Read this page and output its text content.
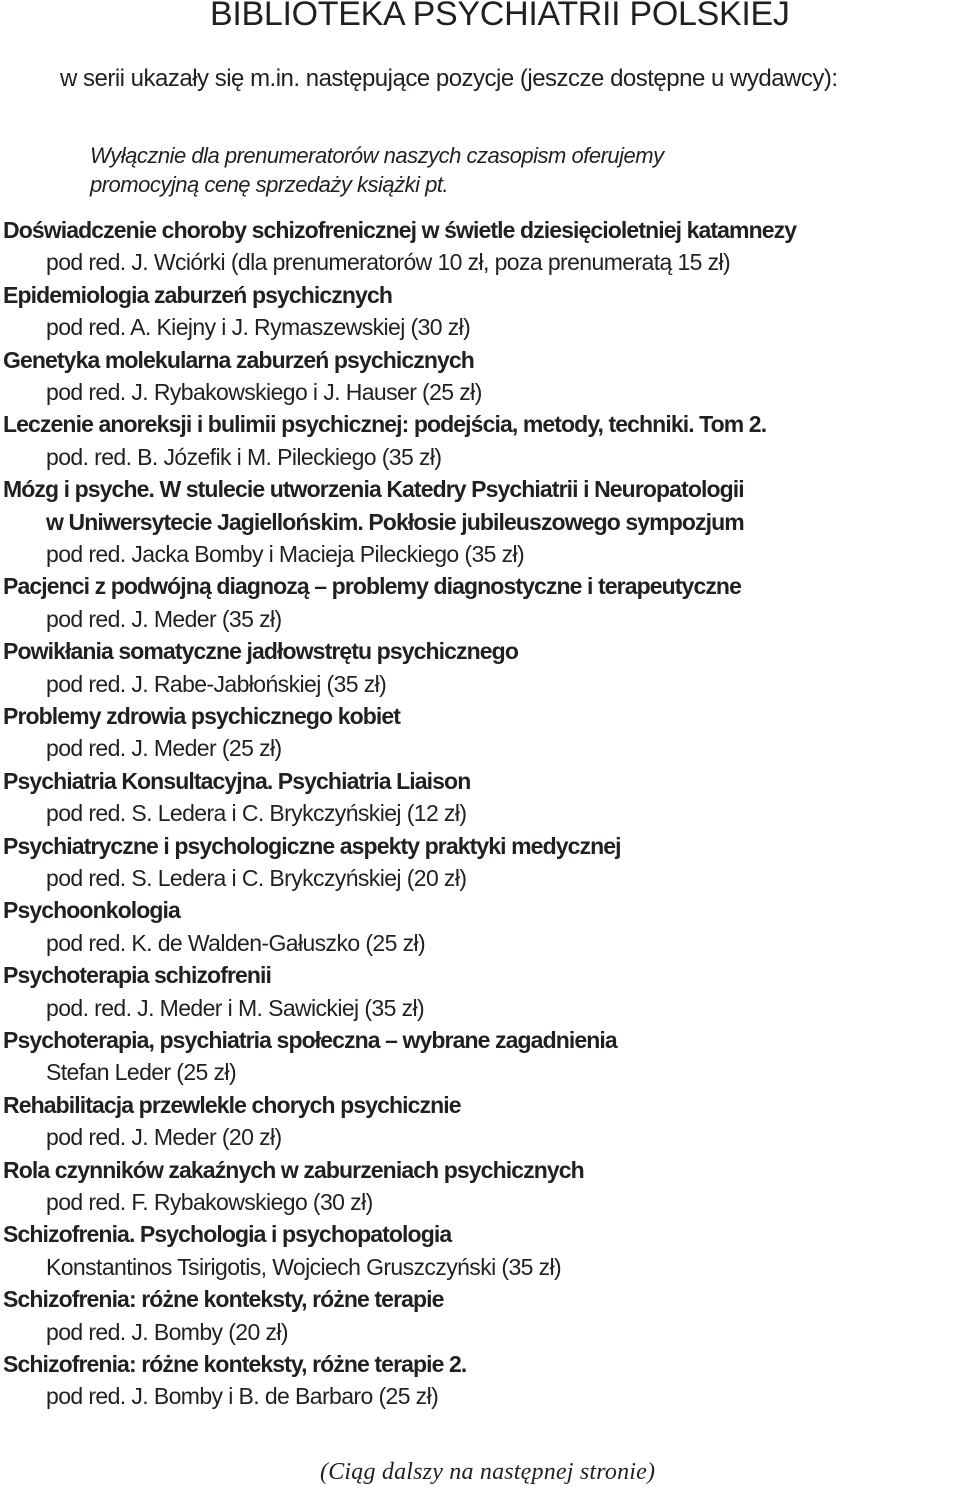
BIBLIOTEKA PSYCHIATRII POLSKIEJ
w serii ukazały się m.in. następujące pozycje (jeszcze dostępne u wydawcy):
Wyłącznie dla prenumeratorów naszych czasopism oferujemy
promocyjną cenę sprzedaży książki pt.
Doświadczenie choroby schizofrenicznej w świetle dziesięcioletniej katamnezy
pod red. J. Wciórki (dla prenumeratorów 10 zł, poza prenumeratą 15 zł)
Epidemiologia zaburzeń psychicznych
pod red. A. Kiejny i J. Rymaszewskiej (30 zł)
Genetyka molekularna zaburzeń psychicznych
pod red. J. Rybakowskiego i J. Hauser (25 zł)
Leczenie anoreksji i bulimii psychicznej: podejścia, metody, techniki. Tom 2.
pod. red. B. Józefik i M. Pileckiego (35 zł)
Mózg i psyche. W stulecie utworzenia Katedry Psychiatrii i Neuropatologii
w Uniwersytecie Jagiellońskim. Pokłosie jubileuszowego sympozjum
pod red. Jacka Bomby i Macieja Pileckiego (35 zł)
Pacjenci z podwójną diagnozą – problemy diagnostyczne i terapeutyczne
pod red. J. Meder (35 zł)
Powikłania somatyczne jadłowstrętu psychicznego
pod red. J. Rabe-Jabłońskiej (35 zł)
Problemy zdrowia psychicznego kobiet
pod red. J. Meder (25 zł)
Psychiatria Konsultacyjna. Psychiatria Liaison
pod red. S. Ledera i C. Brykczyńskiej (12 zł)
Psychiatryczne i psychologiczne aspekty praktyki medycznej
pod red. S. Ledera i C. Brykczyńskiej (20 zł)
Psychoonkologia
pod red. K. de Walden-Gałuszko (25 zł)
Psychoterapia schizofrenii
pod. red. J. Meder i M. Sawickiej (35 zł)
Psychoterapia, psychiatria społeczna – wybrane zagadnienia
Stefan Leder (25 zł)
Rehabilitacja przewlekle chorych psychicznie
pod red. J. Meder (20 zł)
Rola czynników zakaźnych w zaburzeniach psychicznych
pod red. F. Rybakowskiego (30 zł)
Schizofrenia. Psychologia i psychopatologia
Konstantinos Tsirigotis, Wojciech Gruszczyński (35 zł)
Schizofrenia: różne konteksty, różne terapie
pod red. J. Bomby (20 zł)
Schizofrenia: różne konteksty, różne terapie 2.
pod red. J. Bomby i B. de Barbaro (25 zł)
(Ciąg dalszy na następnej stronie)
